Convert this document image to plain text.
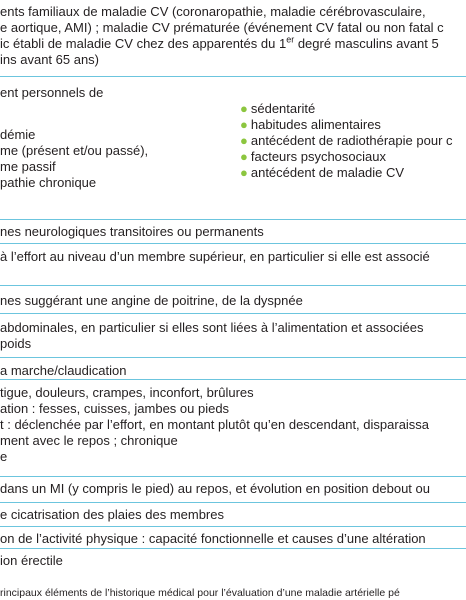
ents familiaux de maladie CV (coronaropathie, maladie cérébrovasculaire,
e aortique, AMI) ; maladie CV prématurée (événement CV fatal ou non fatal c
ic établi de maladie CV chez des apparentés du 1er degré masculins avant 5
ins avant 65 ans)
ent personnels de
démie
me (présent et/ou passé),
me passif
pathie chronique
● sédentarité
● habitudes alimentaires
● antécédent de radiothérapie pour c
● facteurs psychosociaux
● antécédent de maladie CV
nes neurologiques transitoires ou permanents
à l’effort au niveau d’un membre supérieur, en particulier si elle est associé
nes suggérant une angine de poitrine, de la dyspnée
abdominales, en particulier si elles sont liées à l’alimentation et associées
poids
a marche/claudication
tigue, douleurs, crampes, inconfort, brûlures
ation : fesses, cuisses, jambes ou pieds
t : déclenchée par l’effort, en montant plutôt qu’en descendant, disparaissa
ment avec le repos ; chronique
e
dans un MI (y compris le pied) au repos, et évolution en position debout ou
e cicatrisation des plaies des membres
on de l’activité physique : capacité fonctionnelle et causes d’une altération
ion érectile
rincipaux éléments de l’historique médical pour l’évaluation d’une maladie artérielle pé
